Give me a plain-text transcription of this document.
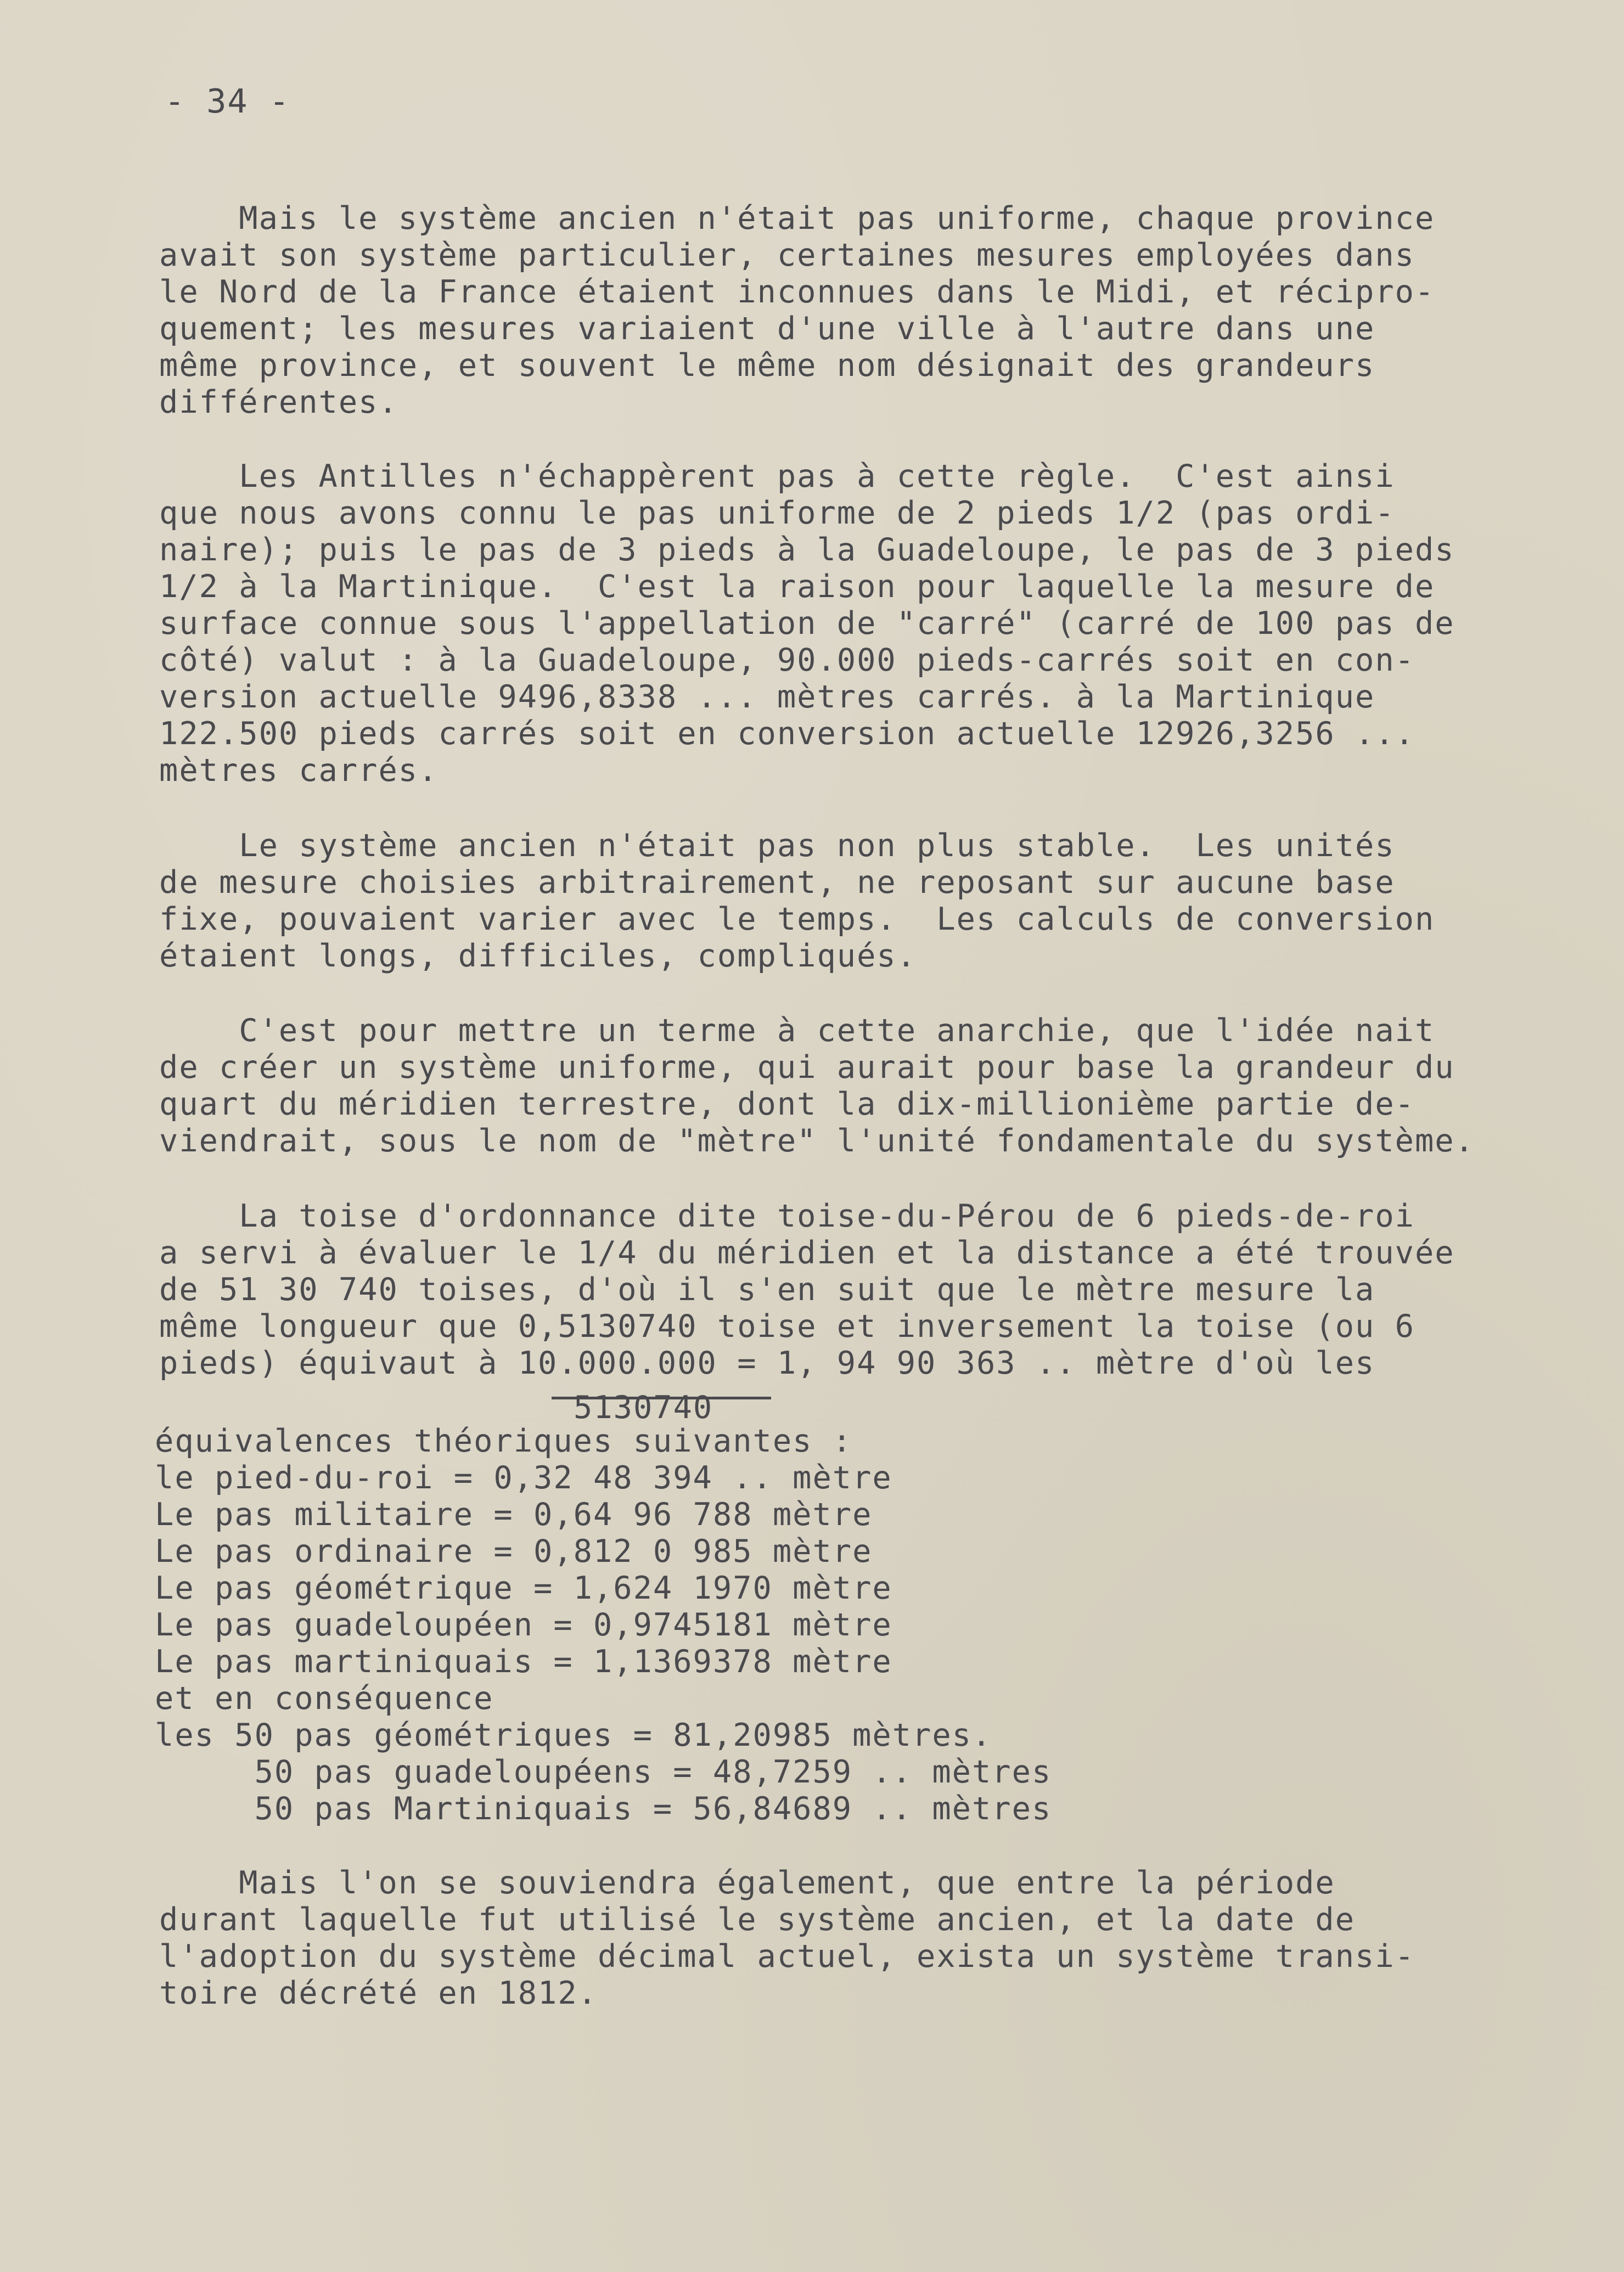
- 34 -
Mais le système ancien n'était pas uniforme, chaque province
avait son système particulier, certaines mesures employées dans
le Nord de la France étaient inconnues dans le Midi, et récipro-
quement; les mesures variaient d'une ville à l'autre dans une
même province, et souvent le même nom désignait des grandeurs
différentes.
Les Antilles n'échappèrent pas à cette règle.  C'est ainsi
que nous avons connu le pas uniforme de 2 pieds 1/2 (pas ordi-
naire); puis le pas de 3 pieds à la Guadeloupe, le pas de 3 pieds
1/2 à la Martinique.  C'est la raison pour laquelle la mesure de
surface connue sous l'appellation de "carré" (carré de 100 pas de
côté) valut : à la Guadeloupe, 90.000 pieds-carrés soit en con-
version actuelle 9496,8338 ... mètres carrés. à la Martinique
122.500 pieds carrés soit en conversion actuelle 12926,3256 ...
mètres carrés.
Le système ancien n'était pas non plus stable.  Les unités
de mesure choisies arbitrairement, ne reposant sur aucune base
fixe, pouvaient varier avec le temps.  Les calculs de conversion
étaient longs, difficiles, compliqués.
C'est pour mettre un terme à cette anarchie, que l'idée nait
de créer un système uniforme, qui aurait pour base la grandeur du
quart du méridien terrestre, dont la dix-millionième partie de-
viendrait, sous le nom de "mètre" l'unité fondamentale du système.
La toise d'ordonnance dite toise-du-Pérou de 6 pieds-de-roi
a servi à évaluer le 1/4 du méridien et la distance a été trouvée
de 51 30 740 toises, d'où il s'en suit que le mètre mesure la
même longueur que 0,5130740 toise et inversement la toise (ou 6
pieds) équivaut à 10.000.000 = 1, 94 90 363 .. mètre d'où les
équivalences théoriques suivantes :
le pied-du-roi = 0,32 48 394 .. mètre
Le pas militaire = 0,64 96 788 mètre
Le pas ordinaire = 0,812 0 985 mètre
Le pas géométrique = 1,624 1970 mètre
Le pas guadeloupéen = 0,9745181 mètre
Le pas martiniquais = 1,1369378 mètre
et en conséquence
les 50 pas géométriques = 81,20985 mètres.
50 pas guadeloupéens = 48,7259 .. mètres
50 pas Martiniquais = 56,84689 .. mètres
Mais l'on se souviendra également, que entre la période
durant laquelle fut utilisé le système ancien, et la date de
l'adoption du système décimal actuel, exista un système transi-
toire décrété en 1812.
5130740
